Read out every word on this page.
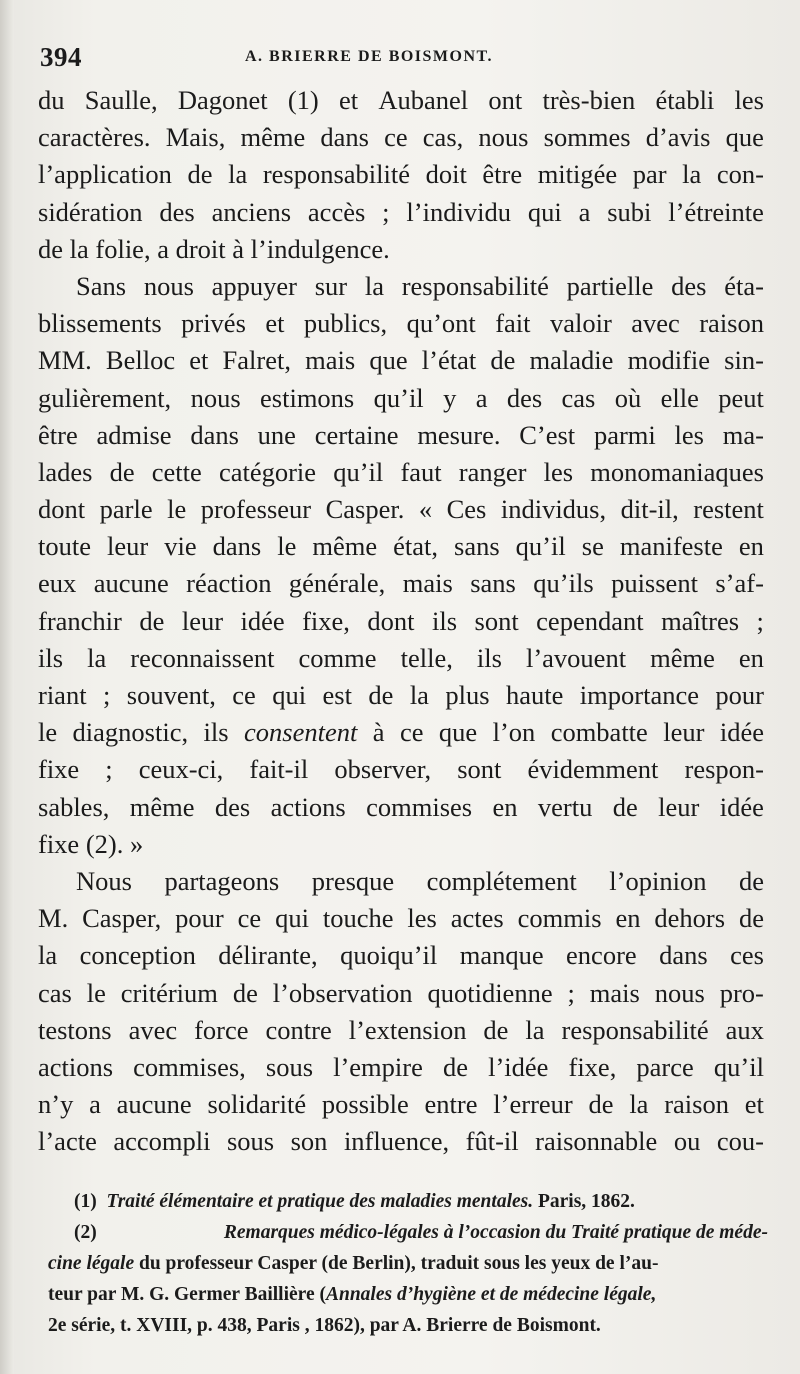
394	A. BRIERRE DE BOISMONT.
du Saulle, Dagonet (1) et Aubanel ont très-bien établi les
caractères. Mais, même dans ce cas, nous sommes d’avis que
l’application de la responsabilité doit être mitigée par la con-
sidération des anciens accès ; l’individu qui a subi l’étreinte
de la folie, a droit à l’indulgence.
Sans nous appuyer sur la responsabilité partielle des éta-
blissements privés et publics, qu’ont fait valoir avec raison
MM. Belloc et Falret, mais que l’état de maladie modifie sin-
gulièrement, nous estimons qu’il y a des cas où elle peut
être admise dans une certaine mesure. C’est parmi les ma-
lades de cette catégorie qu’il faut ranger les monomaniaques
dont parle le professeur Casper. « Ces individus, dit-il, restent
toute leur vie dans le même état, sans qu’il se manifeste en
eux aucune réaction générale, mais sans qu’ils puissent s’af-
franchir de leur idée fixe, dont ils sont cependant maîtres ;
ils la reconnaissent comme telle, ils l’avouent même en
riant ; souvent, ce qui est de la plus haute importance pour
le diagnostic, ils consentent à ce que l’on combatte leur idée
fixe ; ceux-ci, fait-il observer, sont évidemment respon-
sables, même des actions commises en vertu de leur idée
fixe (2). »
Nous partageons presque complétement l’opinion de
M. Casper, pour ce qui touche les actes commis en dehors de
la conception délirante, quoiqu’il manque encore dans ces
cas le critérium de l’observation quotidienne ; mais nous pro-
testons avec force contre l’extension de la responsabilité aux
actions commises, sous l’empire de l’idée fixe, parce qu’il
n’y a aucune solidarité possible entre l’erreur de la raison et
l’acte accompli sous son influence, fût-il raisonnable ou cou-
(1)
Traité élémentaire et pratique des maladies mentales.
Paris, 1862.
(2)
	Remarques médico-légales à l’occasion du Traité pratique de méde-
cine légale du professeur Casper (de Berlin), traduit sous les yeux de l’au-
teur par M. G. Germer Baillière (Annales d’hygiène et de médecine légale,
2e série, t. XVIII, p. 438, Paris , 1862), par A. Brierre de Boismont.
